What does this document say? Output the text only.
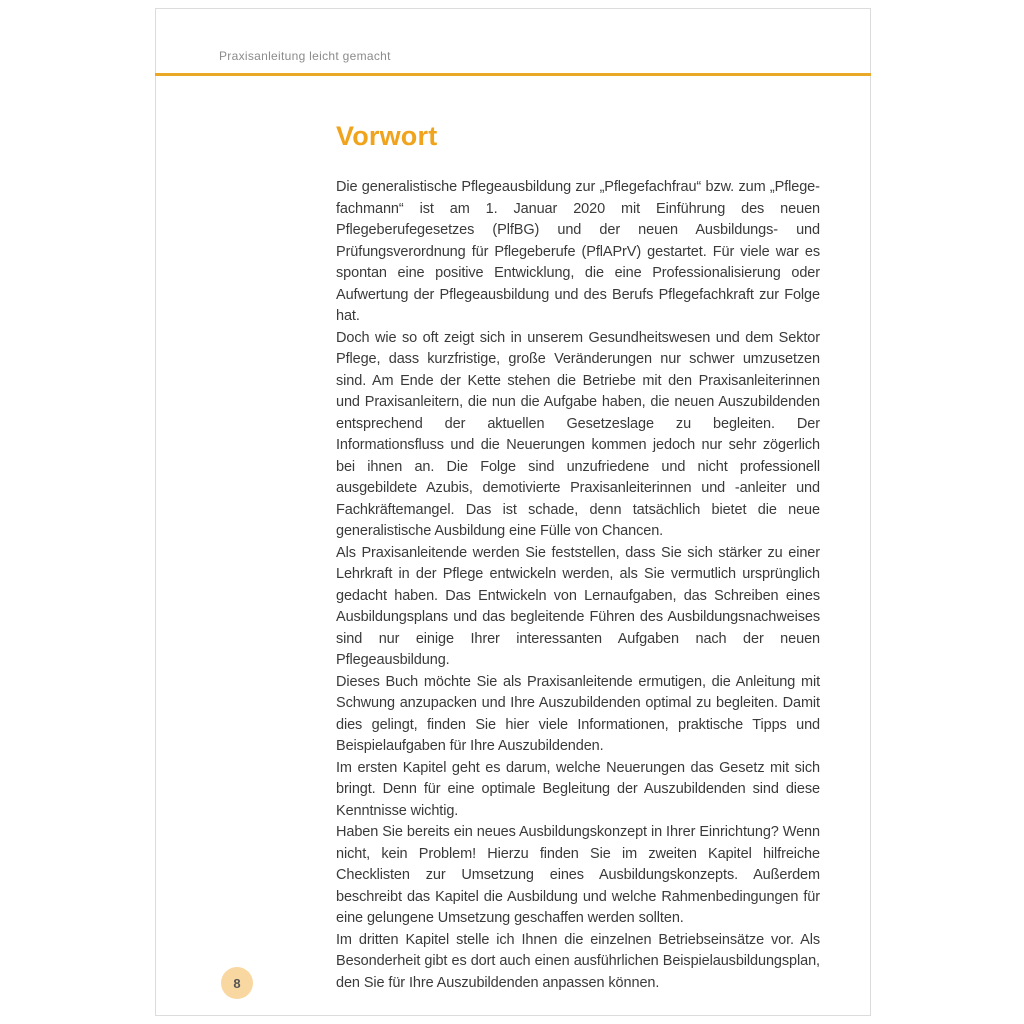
Praxisanleitung leicht gemacht
Vorwort

Die generalistische Pflegeausbildung zur „Pflegefachfrau“ bzw. zum „Pflegefachmann“ ist am 1. Januar 2020 mit Einführung des neuen Pflegeberufegesetzes (PlfBG) und der neuen Ausbildungs- und Prüfungsverordnung für Pflegeberufe (PflAPrV) gestartet. Für viele war es spontan eine positive Entwicklung, die eine Professionalisierung oder Aufwertung der Pflegeausbildung und des Berufs Pflegefachkraft zur Folge hat.

Doch wie so oft zeigt sich in unserem Gesundheitswesen und dem Sektor Pflege, dass kurzfristige, große Veränderungen nur schwer umzusetzen sind. Am Ende der Kette stehen die Betriebe mit den Praxisanleiterinnen und Praxisanleitern, die nun die Aufgabe haben, die neuen Auszubildenden entsprechend der aktuellen Gesetzeslage zu begleiten. Der Informationsfluss und die Neuerungen kommen jedoch nur sehr zögerlich bei ihnen an. Die Folge sind unzufriedene und nicht professionell ausgebildete Azubis, demotivierte Praxisanleiterinnen und -anleiter und Fachkräftemangel. Das ist schade, denn tatsächlich bietet die neue generalistische Ausbildung eine Fülle von Chancen.

Als Praxisanleitende werden Sie feststellen, dass Sie sich stärker zu einer Lehrkraft in der Pflege entwickeln werden, als Sie vermutlich ursprünglich gedacht haben. Das Entwickeln von Lernaufgaben, das Schreiben eines Ausbildungsplans und das begleitende Führen des Ausbildungsnachweises sind nur einige Ihrer interessanten Aufgaben nach der neuen Pflegeausbildung.

Dieses Buch möchte Sie als Praxisanleitende ermutigen, die Anleitung mit Schwung anzupacken und Ihre Auszubildenden optimal zu begleiten. Damit dies gelingt, finden Sie hier viele Informationen, praktische Tipps und Beispielaufgaben für Ihre Auszubildenden.

Im ersten Kapitel geht es darum, welche Neuerungen das Gesetz mit sich bringt. Denn für eine optimale Begleitung der Auszubildenden sind diese Kenntnisse wichtig.

Haben Sie bereits ein neues Ausbildungskonzept in Ihrer Einrichtung? Wenn nicht, kein Problem! Hierzu finden Sie im zweiten Kapitel hilfreiche Checklisten zur Umsetzung eines Ausbildungskonzepts. Außerdem beschreibt das Kapitel die Ausbildung und welche Rahmenbedingungen für eine gelungene Umsetzung geschaffen werden sollten.

Im dritten Kapitel stelle ich Ihnen die einzelnen Betriebseinsätze vor. Als Besonderheit gibt es dort auch einen ausführlichen Beispielausbildungsplan, den Sie für Ihre Auszubildenden anpassen können.

8
